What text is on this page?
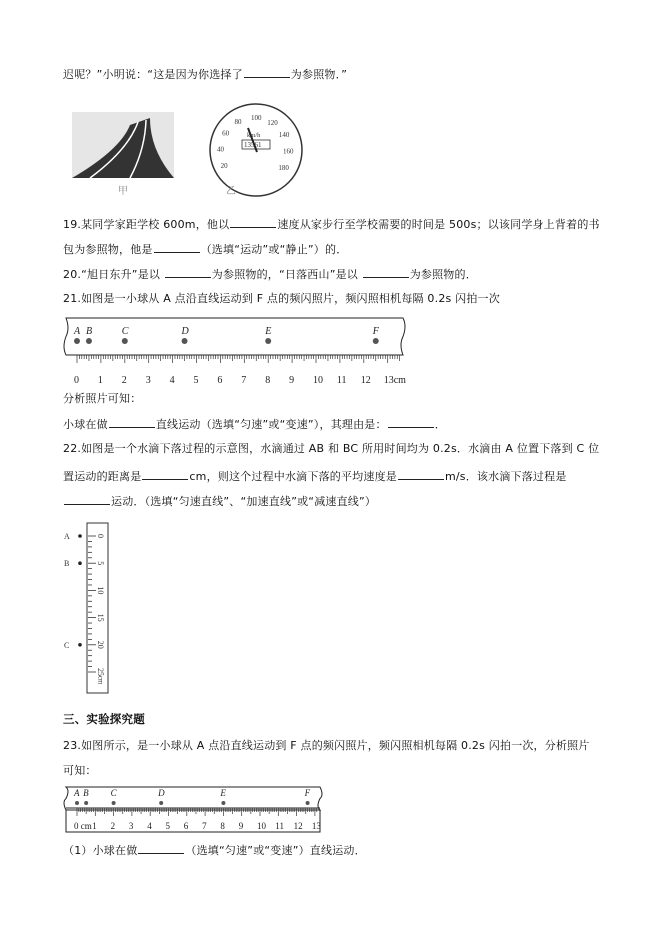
迟呢？”小明说：“这是因为你选择了	为参照物．”
19.某同学家距学校 600m，他以	速度从家步行至学校需要的时间是 500s；以该同学身上背着的书
包为参照物，他是	（选填“运动”或“静止”）的．
20.“旭日东升”是以	为参照物的，“日落西山”是以	为参照物的．
21.如图是一小球从 A 点沿直线运动到 F 点的频闪照片，频闪照相机每隔 0.2s 闪拍一次
分析照片可知：
小球在做	直线运动（选填“匀速”或“变速”），其理由是：	．
22.如图是一个水滴下落过程的示意图，水滴通过 AB 和 BC 所用时间均为 0.2s．水滴由 A 位置下落到 C 位
置运动的距离是	cm，则这个过程中水滴下落的平均速度是	m/s．该水滴下落过程是
运动．（选填“匀速直线”、“加速直线”或“减速直线”）
三、实验探究题
23.如图所示，是一小球从 A 点沿直线运动到 F 点的频闪照片，频闪照相机每隔 0.2s 闪拍一次，分析照片
可知：
（1）小球在做	（选填“匀速”或“变速”）直线运动．
甲
20
40
60
80 100
120
140
160
180
km/h
13561
乙
0 1 2 3 4 5 6 7 8 9 10 11 12 13cm
A B	C	D	E	F
0
5
10
15
20
25
cm
A
B
C
0 cm 1 2 3 4 5 6 7 8 9 10 11 12 13
A B C	D	E	F
